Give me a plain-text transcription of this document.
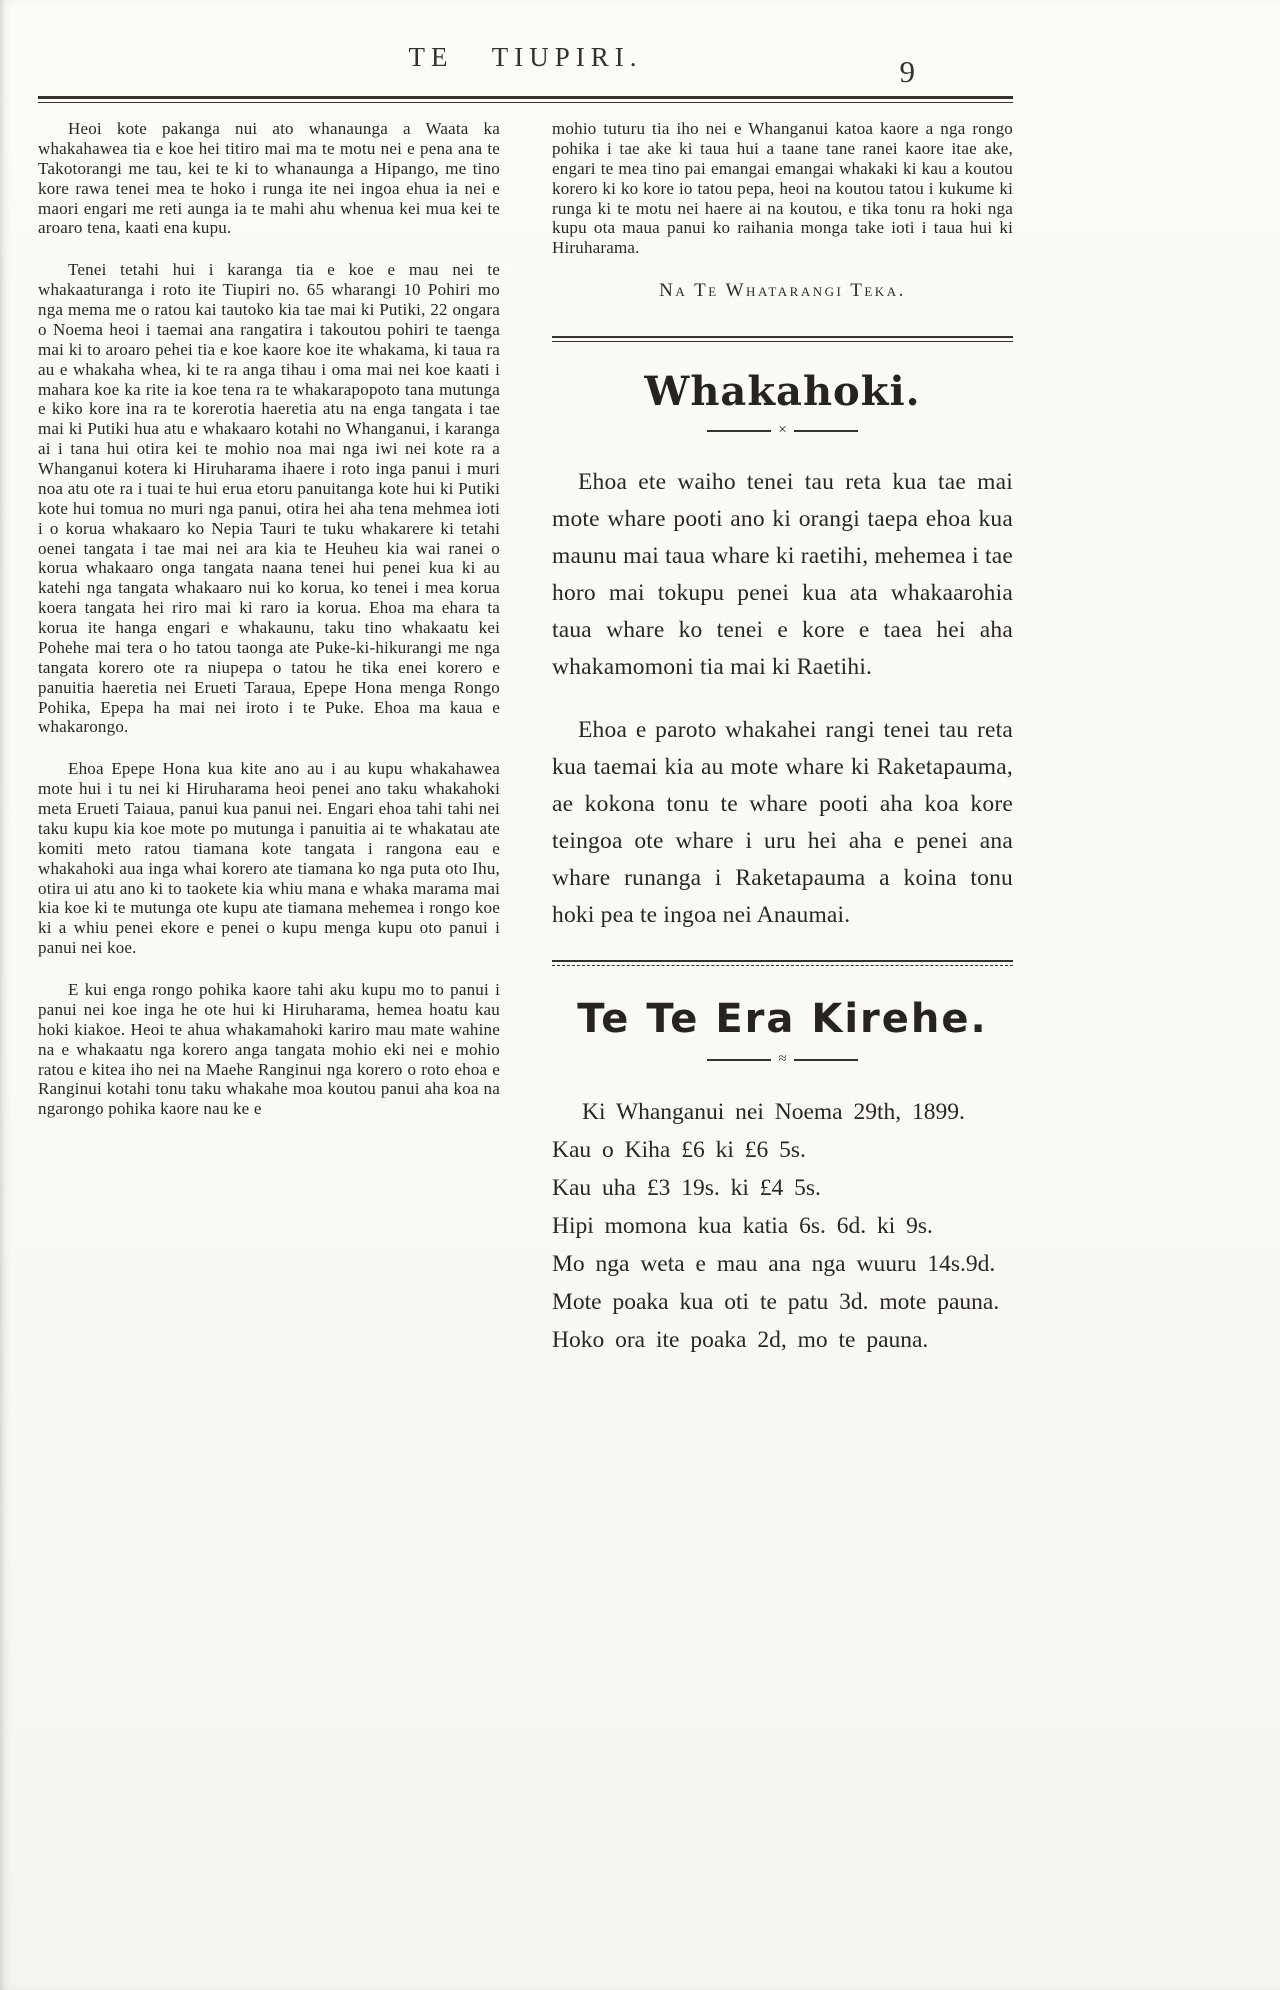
TE TIUPIRI.	9

Heoi kote pakanga nui ato whanaunga a Waata ka whakahawea tia e koe hei titiro mai ma te motu nei e pena ana te Takotorangi me tau, kei te ki to whanaunga a Hipango, me tino kore rawa tenei mea te hoko i runga ite nei ingoa ehua ia nei e maori engari me reti aunga ia te mahi ahu whenua kei mua kei te aroaro tena, kaati ena kupu.

Tenei tetahi hui i karanga tia e koe e mau nei te whakaaturanga i roto ite Tiupiri no. 65 wharangi 10 Pohiri mo nga mema me o ratou kai tautoko kia tae mai ki Putiki, 22 ongara o Noema heoi i taemai ana rangatira i takoutou pohiri te taenga mai ki to aroaro pehei tia e koe kaore koe ite whakama, ki taua ra au e whakaha whea, ki te ra anga tihau i oma mai nei koe kaati i mahara koe ka rite ia koe tena ra te whakarapopoto tana mutunga e kiko kore ina ra te korerotia haeretia atu na enga tangata i tae mai ki Putiki hua atu e whakaaro kotahi no Whanganui, i karanga ai i tana hui otira kei te mohio noa mai nga iwi nei kote ra a Whanganui kotera ki Hiruharama ihaere i roto inga panui i muri noa atu ote ra i tuai te hui erua etoru panuitanga kote hui ki Putiki kote hui tomua no muri nga panui, otira hei aha tena mehmea ioti i o korua whakaaro ko Nepia Tauri te tuku whakarere ki tetahi oenei tangata i tae mai nei ara kia te Heuheu kia wai ranei o korua whakaaro onga tangata naana tenei hui penei kua ki au katehi nga tangata whakaaro nui ko korua, ko tenei i mea korua koera tangata hei riro mai ki raro ia korua. Ehoa ma ehara ta korua ite hanga engari e whakaunu, taku tino whakaatu kei Pohehe mai tera o ho tatou taonga ate Puke-ki-hikurangi me nga tangata korero ote ra niupepa o tatou he tika enei korero e panuitia haeretia nei Erueti Taraua, Epepe Hona menga Rongo Pohika, Epepa ha mai nei iroto i te Puke. Ehoa ma kaua e whakarongo.

Ehoa Epepe Hona kua kite ano au i au kupu whakahawea mote hui i tu nei ki Hiruharama heoi penei ano taku whakahoki meta Erueti Taiaua, panui kua panui nei. Engari ehoa tahi tahi nei taku kupu kia koe mote po mutunga i panuitia ai te whakatau ate komiti meto ratou tiamana kote tangata i rangona eau e whakahoki aua inga whai korero ate tiamana ko nga puta oto Ihu, otira ui atu ano ki to taokete kia whiu mana e whaka marama mai kia koe ki te mutunga ote kupu ate tiamana mehemea i rongo koe ki a whiu penei ekore e penei o kupu menga kupu oto panui i panui nei koe.

E kui enga rongo pohika kaore tahi aku kupu mo to panui i panui nei koe inga he ote hui ki Hiruharama, hemea hoatu kau hoki kiakoe. Heoi te ahua whakamahoki kariro mau mate wahine na e whakaatu nga korero anga tangata mohio eki nei e mohio ratou e kitea iho nei na Maehe Ranginui nga korero o roto ehoa e Ranginui kotahi tonu taku whakahe moa koutou panui aha koa na ngarongo pohika kaore nau ke e

mohio tuturu tia iho nei e Whanganui katoa kaore a nga rongo pohika i tae ake ki taua hui a taane tane ranei kaore itae ake, engari te mea tino pai emangai emangai whakaki ki kau a koutou korero ki ko kore io tatou pepa, heoi na koutou tatou i kukume ki runga ki te motu nei haere ai na koutou, e tika tonu ra hoki nga kupu ota maua panui ko raihania monga take ioti i taua hui ki Hiruharama.

Na Te Whatarangi Teka.
Whakahoki.
×

Ehoa ete waiho tenei tau reta kua tae mai mote whare pooti ano ki orangi taepa ehoa kua maunu mai taua whare ki raetihi, mehemea i tae horo mai tokupu penei kua ata whakaarohia taua whare ko tenei e kore e taea hei aha whakamomoni tia mai ki Raetihi.

Ehoa e paroto whakahei rangi tenei tau reta kua taemai kia au mote whare ki Raketapauma, ae kokona tonu te whare pooti aha koa kore teingoa ote whare i uru hei aha e penei ana whare runanga i Raketapauma a koina tonu hoki pea te ingoa nei Anaumai.

Te Te Era Kirehe.
≈

Ki Whanganui nei Noema 29th, 1899.

Kau o Kiha £6 ki £6 5s.

Kau uha £3 19s. ki £4 5s.

Hipi momona kua katia 6s. 6d. ki 9s.

Mo nga weta e mau ana nga wuuru 14s.9d.

Mote poaka kua oti te patu 3d. mote pauna.

Hoko ora ite poaka 2d, mo te pauna.
